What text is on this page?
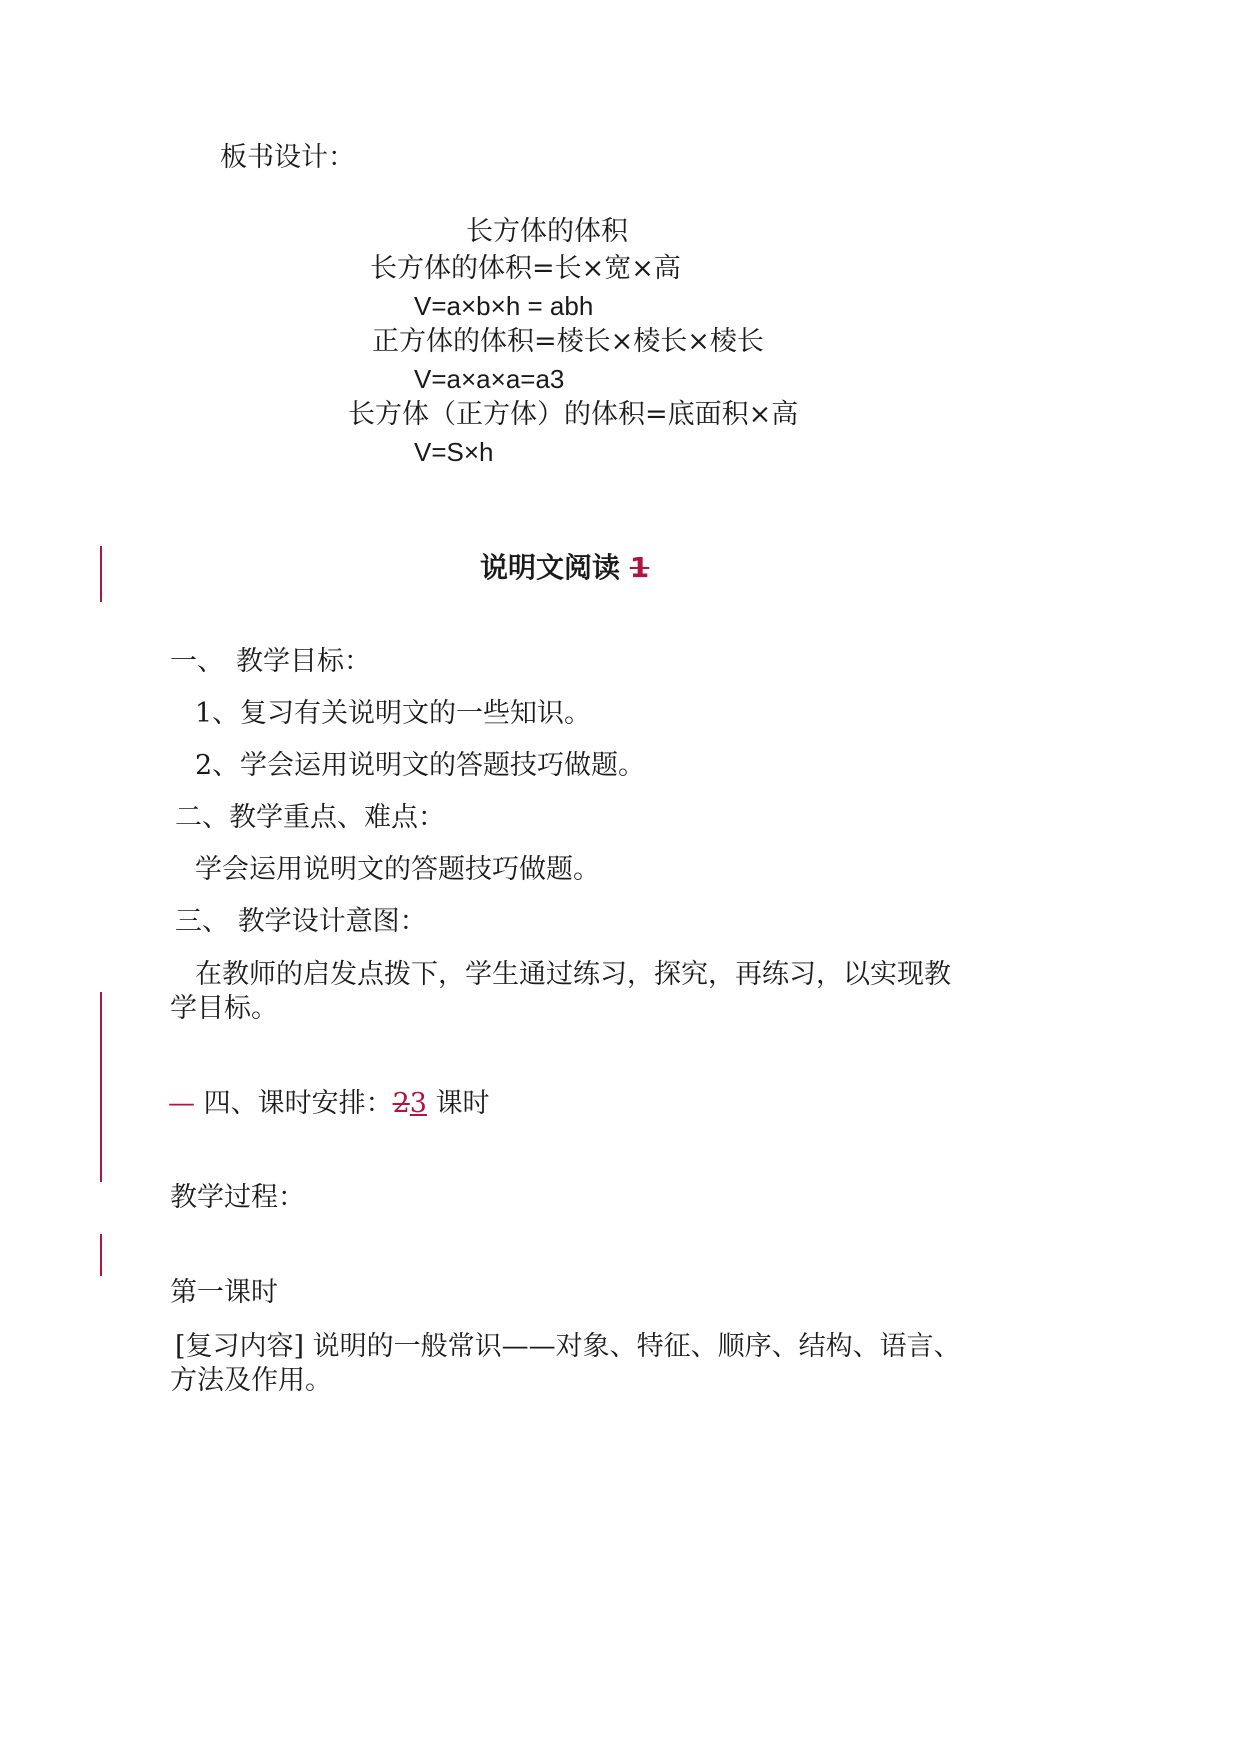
板书设计：
长方体的体积
长方体的体积=长×宽×高
V=a×b×h = abh
正方体的体积=棱长×棱长×棱长
V=a×a×a=a3
长方体（正方体）的体积=底面积×高
V=S×h
说明文阅读 1
一、 教学目标：
1、 复习有关说明文的一些知识。
2、 学会运用说明文的答题技巧做题。
二、教学重点、难点：
学会运用说明文的答题技巧做题。
三、 教学设计意图：
在教师的启发点拨下，学生通过练习，探究，再练习，以实现教
学目标。
— 四、课时安排：23 课时
教学过程：
第一课时
[复习内容] 说明的一般常识——对象、特征、顺序、结构、语言、
方法及作用。
